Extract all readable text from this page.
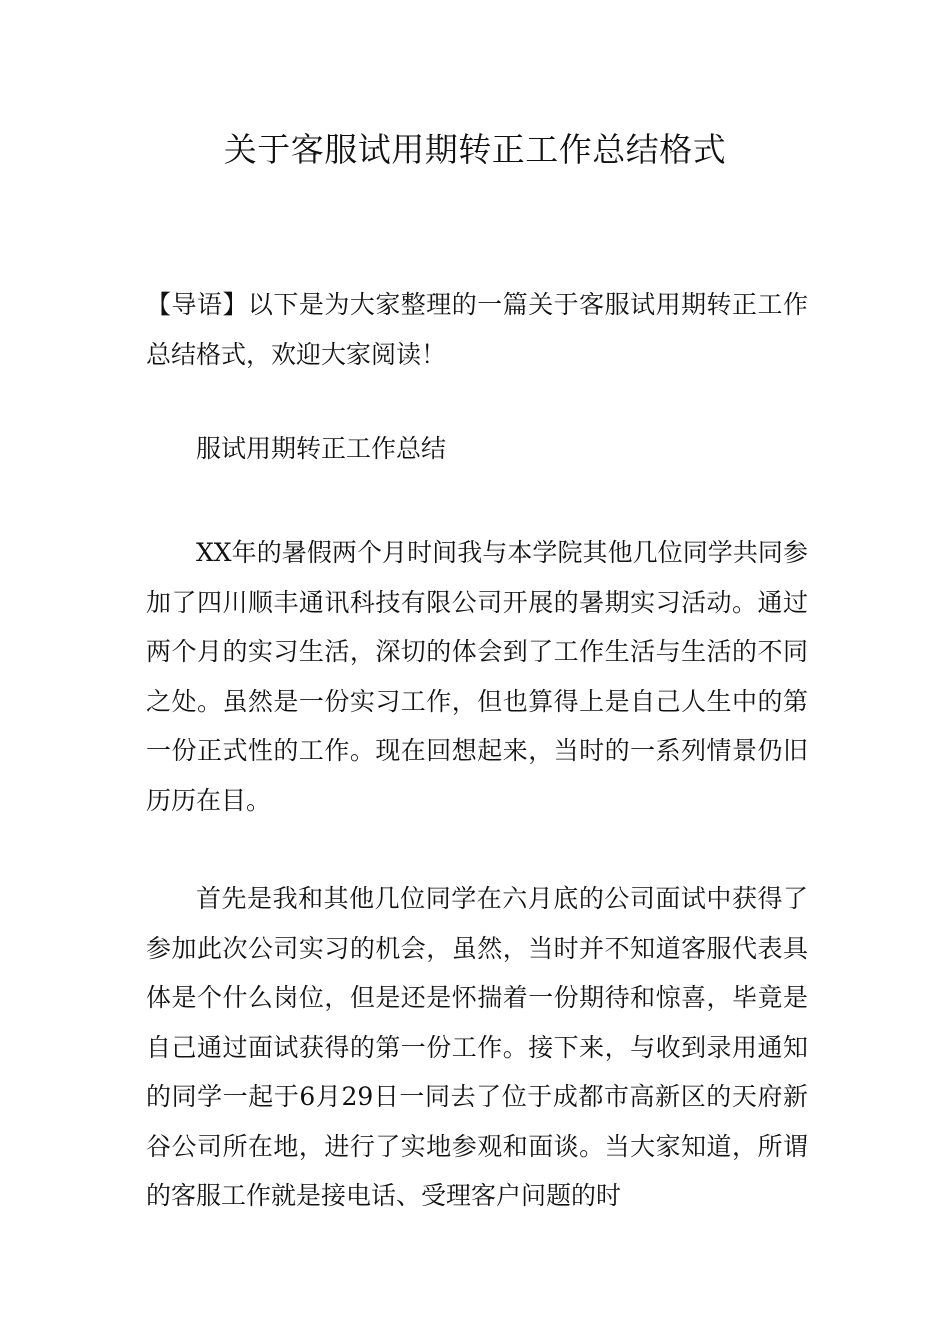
关于客服试用期转正工作总结格式

【导语】以下是为大家整理的一篇关于客服试用期转正工作总结格式，欢迎大家阅读！

服试用期转正工作总结

XX年的暑假两个月时间我与本学院其他几位同学共同参加了四川顺丰通讯科技有限公司开展的暑期实习活动。通过两个月的实习生活，深切的体会到了工作生活与生活的不同之处。虽然是一份实习工作，但也算得上是自己人生中的第一份正式性的工作。现在回想起来，当时的一系列情景仍旧历历在目。

首先是我和其他几位同学在六月底的公司面试中获得了参加此次公司实习的机会，虽然，当时并不知道客服代表具体是个什么岗位，但是还是怀揣着一份期待和惊喜，毕竟是自己通过面试获得的第一份工作。接下来，与收到录用通知的同学一起于6月29日一同去了位于成都市高新区的天府新谷公司所在地，进行了实地参观和面谈。当大家知道，所谓的客服工作就是接电话、受理客户问题的时
